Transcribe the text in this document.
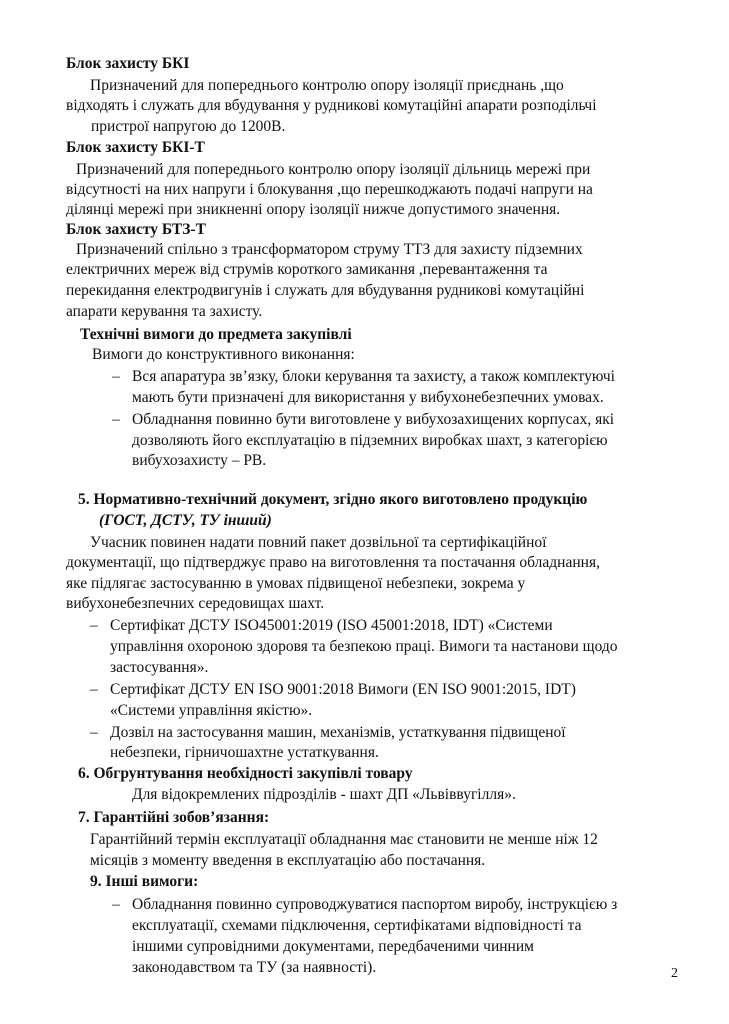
Блок захисту БКІ
Призначений для попереднього контролю опору ізоляції приєднань ,що
відходять і служать для вбудування у рудникові комутаційні апарати розподільчі
пристрої напругою до 1200В.
Блок захисту БКІ-Т
Призначений для попереднього контролю опору ізоляції дільниць мережі при
відсутності на них напруги і блокування ,що перешкоджають подачі напруги на
ділянці мережі при зникненні опору ізоляції нижче допустимого значення.
Блок захисту БТЗ-Т
Призначений спільно з трансформатором струму ТТЗ для захисту підземних
електричних мереж від струмів короткого замикання ,перевантаження та
перекидання електродвигунів і служать для вбудування рудникові комутаційні
апарати керування та захисту.
Технічні вимоги до предмета закупівлі
Вимоги до конструктивного виконання:
– Вся апаратура зв’язку, блоки керування та захисту, а також комплектуючі
мають бути призначені для використання у вибухонебезпечних умовах.
– Обладнання повинно бути виготовлене у вибухозахищених корпусах, які
дозволяють його експлуатацію в підземних виробках шахт, з категорією
вибухозахисту – РВ.
5. Нормативно-технічний документ, згідно якого виготовлено продукцію
(ГОСТ, ДСТУ, ТУ інший)
Учасник повинен надати повний пакет дозвільної та сертифікаційної
документації, що підтверджує право на виготовлення та постачання обладнання,
яке підлягає застосуванню в умовах підвищеної небезпеки, зокрема у
вибухонебезпечних середовищах шахт.
– Сертифікат ДСТУ ISO45001:2019 (ISO 45001:2018, IDT) «Системи
управління охороною здоровя та безпекою праці. Вимоги та настанови щодо
застосування».
– Сертифікат ДСТУ EN ISO 9001:2018 Вимоги (EN ISO 9001:2015, IDT)
«Системи управління якістю».
– Дозвіл на застосування машин, механізмів, устаткування підвищеної
небезпеки, гірничошахтне устаткування.
6. Обгрунтування необхідності закупівлі товару
Для відокремлених підрозділів - шахт ДП «Львіввугілля».
7. Гарантійні зобов’язання:
Гарантійний термін експлуатації обладнання має становити не менше ніж 12
місяців з моменту введення в експлуатацію або постачання.
9. Інші вимоги:
– Обладнання повинно супроводжуватися паспортом виробу, інструкцією з
експлуатації, схемами підключення, сертифікатами відповідності та
іншими супровідними документами, передбаченими чинним
законодавством та ТУ (за наявності).	2
